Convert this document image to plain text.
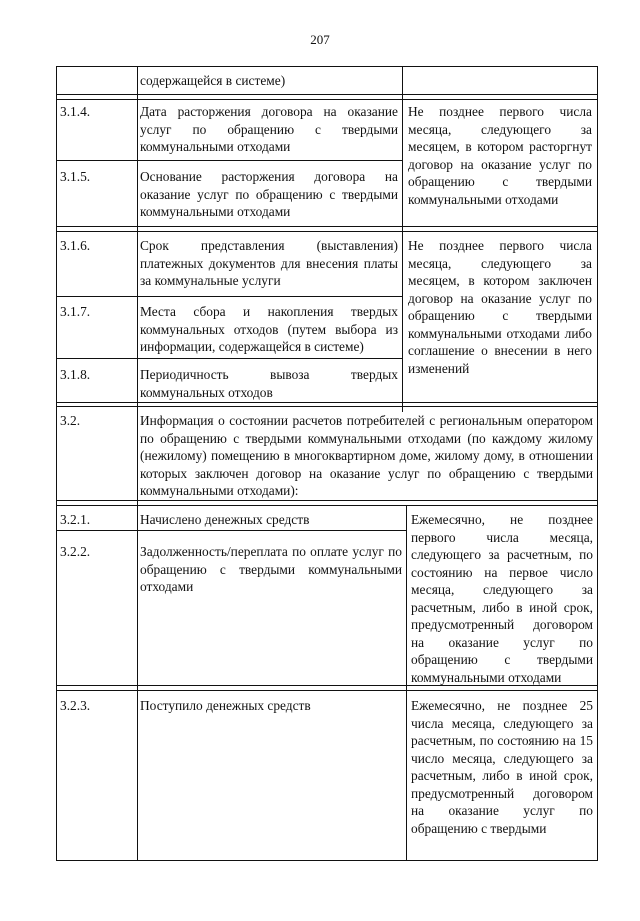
207
содержащейся в системе)
3.1.4.	Дата расторжения договора на оказание услуг по обращению с твердыми коммунальными отходами
3.1.5.	Основание расторжения договора на оказание услуг по обращению с твердыми коммунальными отходами
Не позднее первого числа месяца, следующего за месяцем, в котором расторгнут договор на оказание услуг по обращению с твердыми коммунальными отходами
3.1.6.	Срок представления (выставления) платежных документов для внесения платы за коммунальные услуги
3.1.7.	Места сбора и накопления твердых коммунальных отходов (путем выбора из информации, содержащейся в системе)
3.1.8.	Периодичность вывоза твердых коммунальных отходов
Не позднее первого числа месяца, следующего за месяцем, в котором заключен договор на оказание услуг по обращению с твердыми коммунальными отходами либо соглашение о внесении в него изменений
3.2.	Информация о состоянии расчетов потребителей с региональным оператором по обращению с твердыми коммунальными отходами (по каждому жилому (нежилому) помещению в многоквартирном доме, жилому дому, в отношении которых заключен договор на оказание услуг по обращению с твердыми коммунальными отходами):
3.2.1.	Начислено денежных средств
3.2.2.	Задолженность/переплата по оплате услуг по обращению с твердыми коммунальными отходами
Ежемесячно, не позднее первого числа месяца, следующего за расчетным, по состоянию на первое число месяца, следующего за расчетным, либо в иной срок, предусмотренный договором на оказание услуг по обращению с твердыми коммунальными отходами
3.2.3.	Поступило денежных средств	Ежемесячно, не позднее 25 числа месяца, следующего за расчетным, по состоянию на 15 число месяца, следующего за расчетным, либо в иной срок, предусмотренный договором на оказание услуг по обращению с твердыми
